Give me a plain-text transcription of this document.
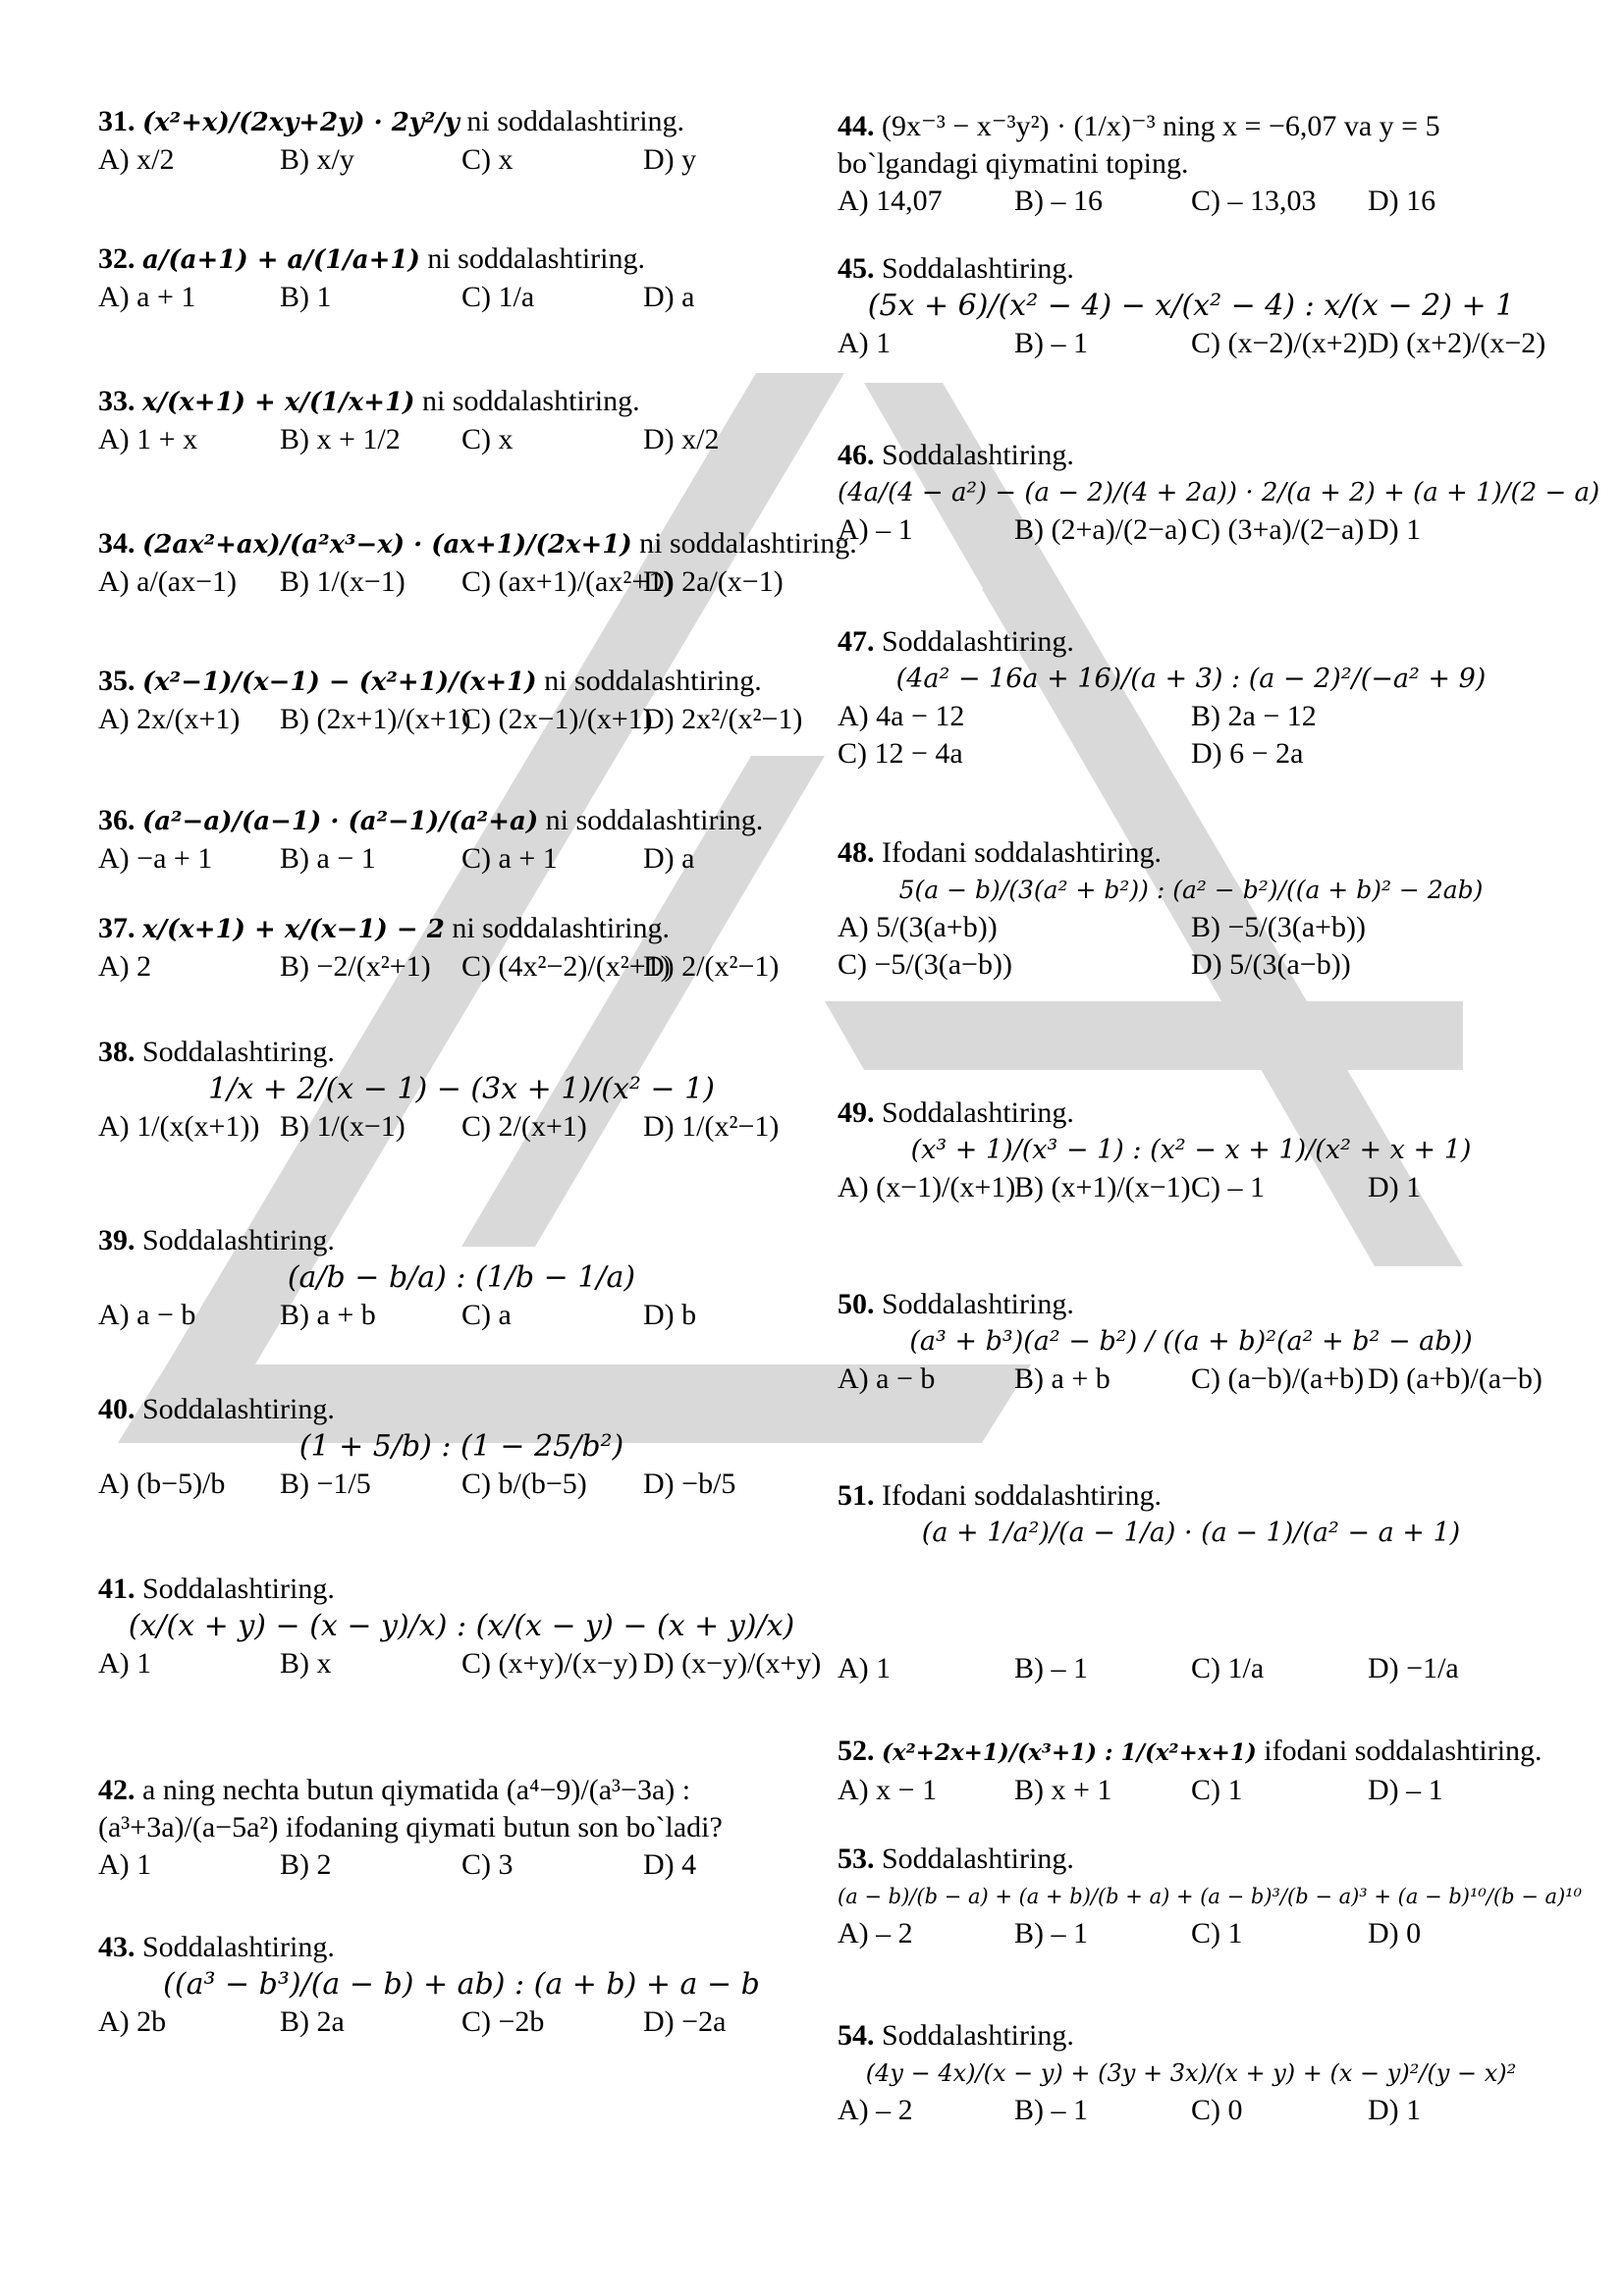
31. (x²+x)/(2xy+2y) · 2y²/y ni soddalashtiring.
A) x/2	B) x/y	C) x	D) y
32. a/(a+1) + a/(1/a+1) ni soddalashtiring.
A) a + 1	B) 1	C) 1/a	D) a
33. x/(x+1) + x/(1/x+1) ni soddalashtiring.
A) 1 + x	B) x + 1/2	C) x	D) x/2
34. (2ax²+ax)/(a²x³−x) · (ax+1)/(2x+1) ni soddalashtiring.
A) a/(ax−1)	B) 1/(x−1)	C) (ax+1)/(ax²+1)
D) 2a/(x−1)
35. (x²−1)/(x−1) − (x²+1)/(x+1) ni soddalashtiring.
A) 2x/(x+1)	B) (2x+1)/(x+1)
C) (2x−1)/(x+1)
D) 2x²/(x²−1)
36. (a²−a)/(a−1) · (a²−1)/(a²+a) ni soddalashtiring.
A) −a + 1	B) a − 1	C) a + 1	D) a
37. x/(x+1) + x/(x−1) − 2 ni soddalashtiring.
A) 2	B) −2/(x²+1)	C) (4x²−2)/(x²+1)
D) 2/(x²−1)
38. Soddalashtiring.
1/x + 2/(x − 1) − (3x + 1)/(x² − 1)
A) 1/(x(x+1)) B) 1/(x−1)	C) 2/(x+1)	D) 1/(x²−1)
39. Soddalashtiring.
(a/b − b/a) : (1/b − 1/a)
A) a − b	B) a + b	C) a	D) b
40. Soddalashtiring.
(1 + 5/b) : (1 − 25/b²)
A) (b−5)/b	B) −1/5	C) b/(b−5)	D) −b/5
41. Soddalashtiring.
(x/(x + y) − (x − y)/x) : (x/(x − y) − (x + y)/x)
A) 1	B) x	C) (x+y)/(x−y) D) (x−y)/(x+y)
42. a ning nechta butun qiymatida (a⁴−9)/(a³−3a) : (a³+3a)/(a−5a²) ifodaning qiymati butun son bo`ladi?
A) 1	B) 2	C) 3	D) 4
43. Soddalashtiring.
((a³ − b³)/(a − b) + ab) : (a + b) + a − b
A) 2b	B) 2a	C) −2b	D) −2a
44. (9x⁻³ − x⁻³y²) · (1/x)⁻³ ning x = −6,07 va y = 5 bo`lgandagi qiymatini toping.
A) 14,07	B) – 16	C) – 13,03	D) 16
45. Soddalashtiring.
(5x + 6)/(x² − 4) − x/(x² − 4) : x/(x − 2) + 1
A) 1	B) – 1	C) (x−2)/(x+2) D) (x+2)/(x−2)
46. Soddalashtiring.
(4a/(4 − a²) − (a − 2)/(4 + 2a)) · 2/(a + 2) + (a + 1)/(2 − a)
A) – 1	B) (2+a)/(2−a) C) (3+a)/(2−a) D) 1
47. Soddalashtiring.
(4a² − 16a + 16)/(a + 3) : (a − 2)²/(−a² + 9)
A) 4a − 12	B) 2a − 12
C) 12 − 4a	D) 6 − 2a
48. Ifodani soddalashtiring.
5(a − b)/(3(a² + b²)) : (a² − b²)/((a + b)² − 2ab)
A) 5/(3(a+b))	B) −5/(3(a+b))
C) −5/(3(a−b))	D) 5/(3(a−b))
49. Soddalashtiring.
(x³ + 1)/(x³ − 1) : (x² − x + 1)/(x² + x + 1)
A) (x−1)/(x+1)
B) (x+1)/(x−1) C) – 1	D) 1
50. Soddalashtiring.
(a³ + b³)(a² − b²) / ((a + b)²(a² + b² − ab))
A) a − b	B) a + b	C) (a−b)/(a+b) D) (a+b)/(a−b)
51. Ifodani soddalashtiring.
(a + 1/a²)/(a − 1/a) · (a − 1)/(a² − a + 1)
A) 1	B) – 1	C) 1/a	D) −1/a
52. (x²+2x+1)/(x³+1) : 1/(x²+x+1) ifodani soddalashtiring.
A) x − 1	B) x + 1	C) 1	D) – 1
53. Soddalashtiring.
(a − b)/(b − a) + (a + b)/(b + a) + (a − b)³/(b − a)³ + (a − b)¹⁰/(b − a)¹⁰
A) – 2	B) – 1	C) 1	D) 0
54. Soddalashtiring.
(4y − 4x)/(x − y) + (3y + 3x)/(x + y) + (x − y)²/(y − x)²
A) – 2	B) – 1	C) 0	D) 1
